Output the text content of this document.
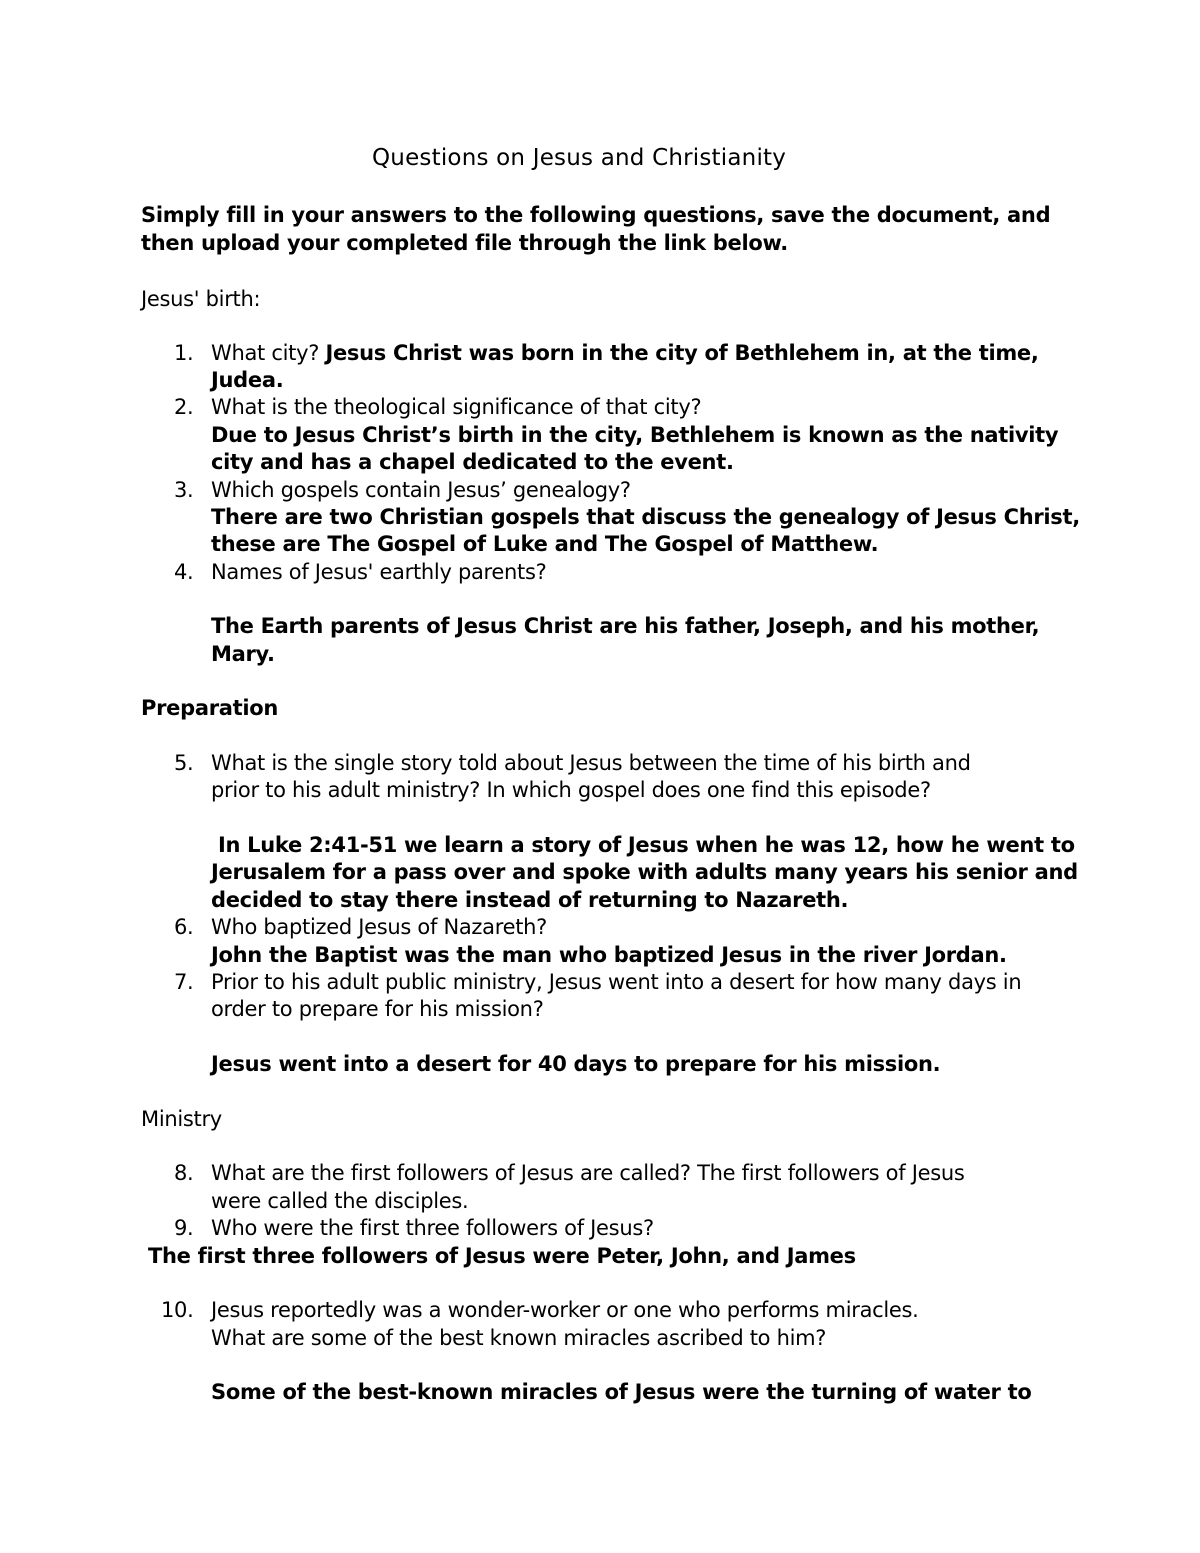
Questions on Jesus and Christianity
Simply fill in your answers to the following questions, save the document, and
then upload your completed file through the link below.
Jesus' birth:
1. What city? Jesus Christ was born in the city of Bethlehem in, at the time,
Judea.
2. What is the theological significance of that city?
Due to Jesus Christ’s birth in the city, Bethlehem is known as the nativity
city and has a chapel dedicated to the event.
3. Which gospels contain Jesus’ genealogy?
There are two Christian gospels that discuss the genealogy of Jesus Christ,
these are The Gospel of Luke and The Gospel of Matthew.
4. Names of Jesus' earthly parents?
The Earth parents of Jesus Christ are his father, Joseph, and his mother,
Mary.
Preparation
5. What is the single story told about Jesus between the time of his birth and
prior to his adult ministry? In which gospel does one find this episode?
In Luke 2:41-51 we learn a story of Jesus when he was 12, how he went to
Jerusalem for a pass over and spoke with adults many years his senior and
decided to stay there instead of returning to Nazareth.
6. Who baptized Jesus of Nazareth?
John the Baptist was the man who baptized Jesus in the river Jordan.
7. Prior to his adult public ministry, Jesus went into a desert for how many days in
order to prepare for his mission?
Jesus went into a desert for 40 days to prepare for his mission.
Ministry
8. What are the first followers of Jesus are called? The first followers of Jesus
were called the disciples.
9. Who were the first three followers of Jesus?
The first three followers of Jesus were Peter, John, and James
10. Jesus reportedly was a wonder-worker or one who performs miracles.
What are some of the best known miracles ascribed to him?
Some of the best-known miracles of Jesus were the turning of water to
